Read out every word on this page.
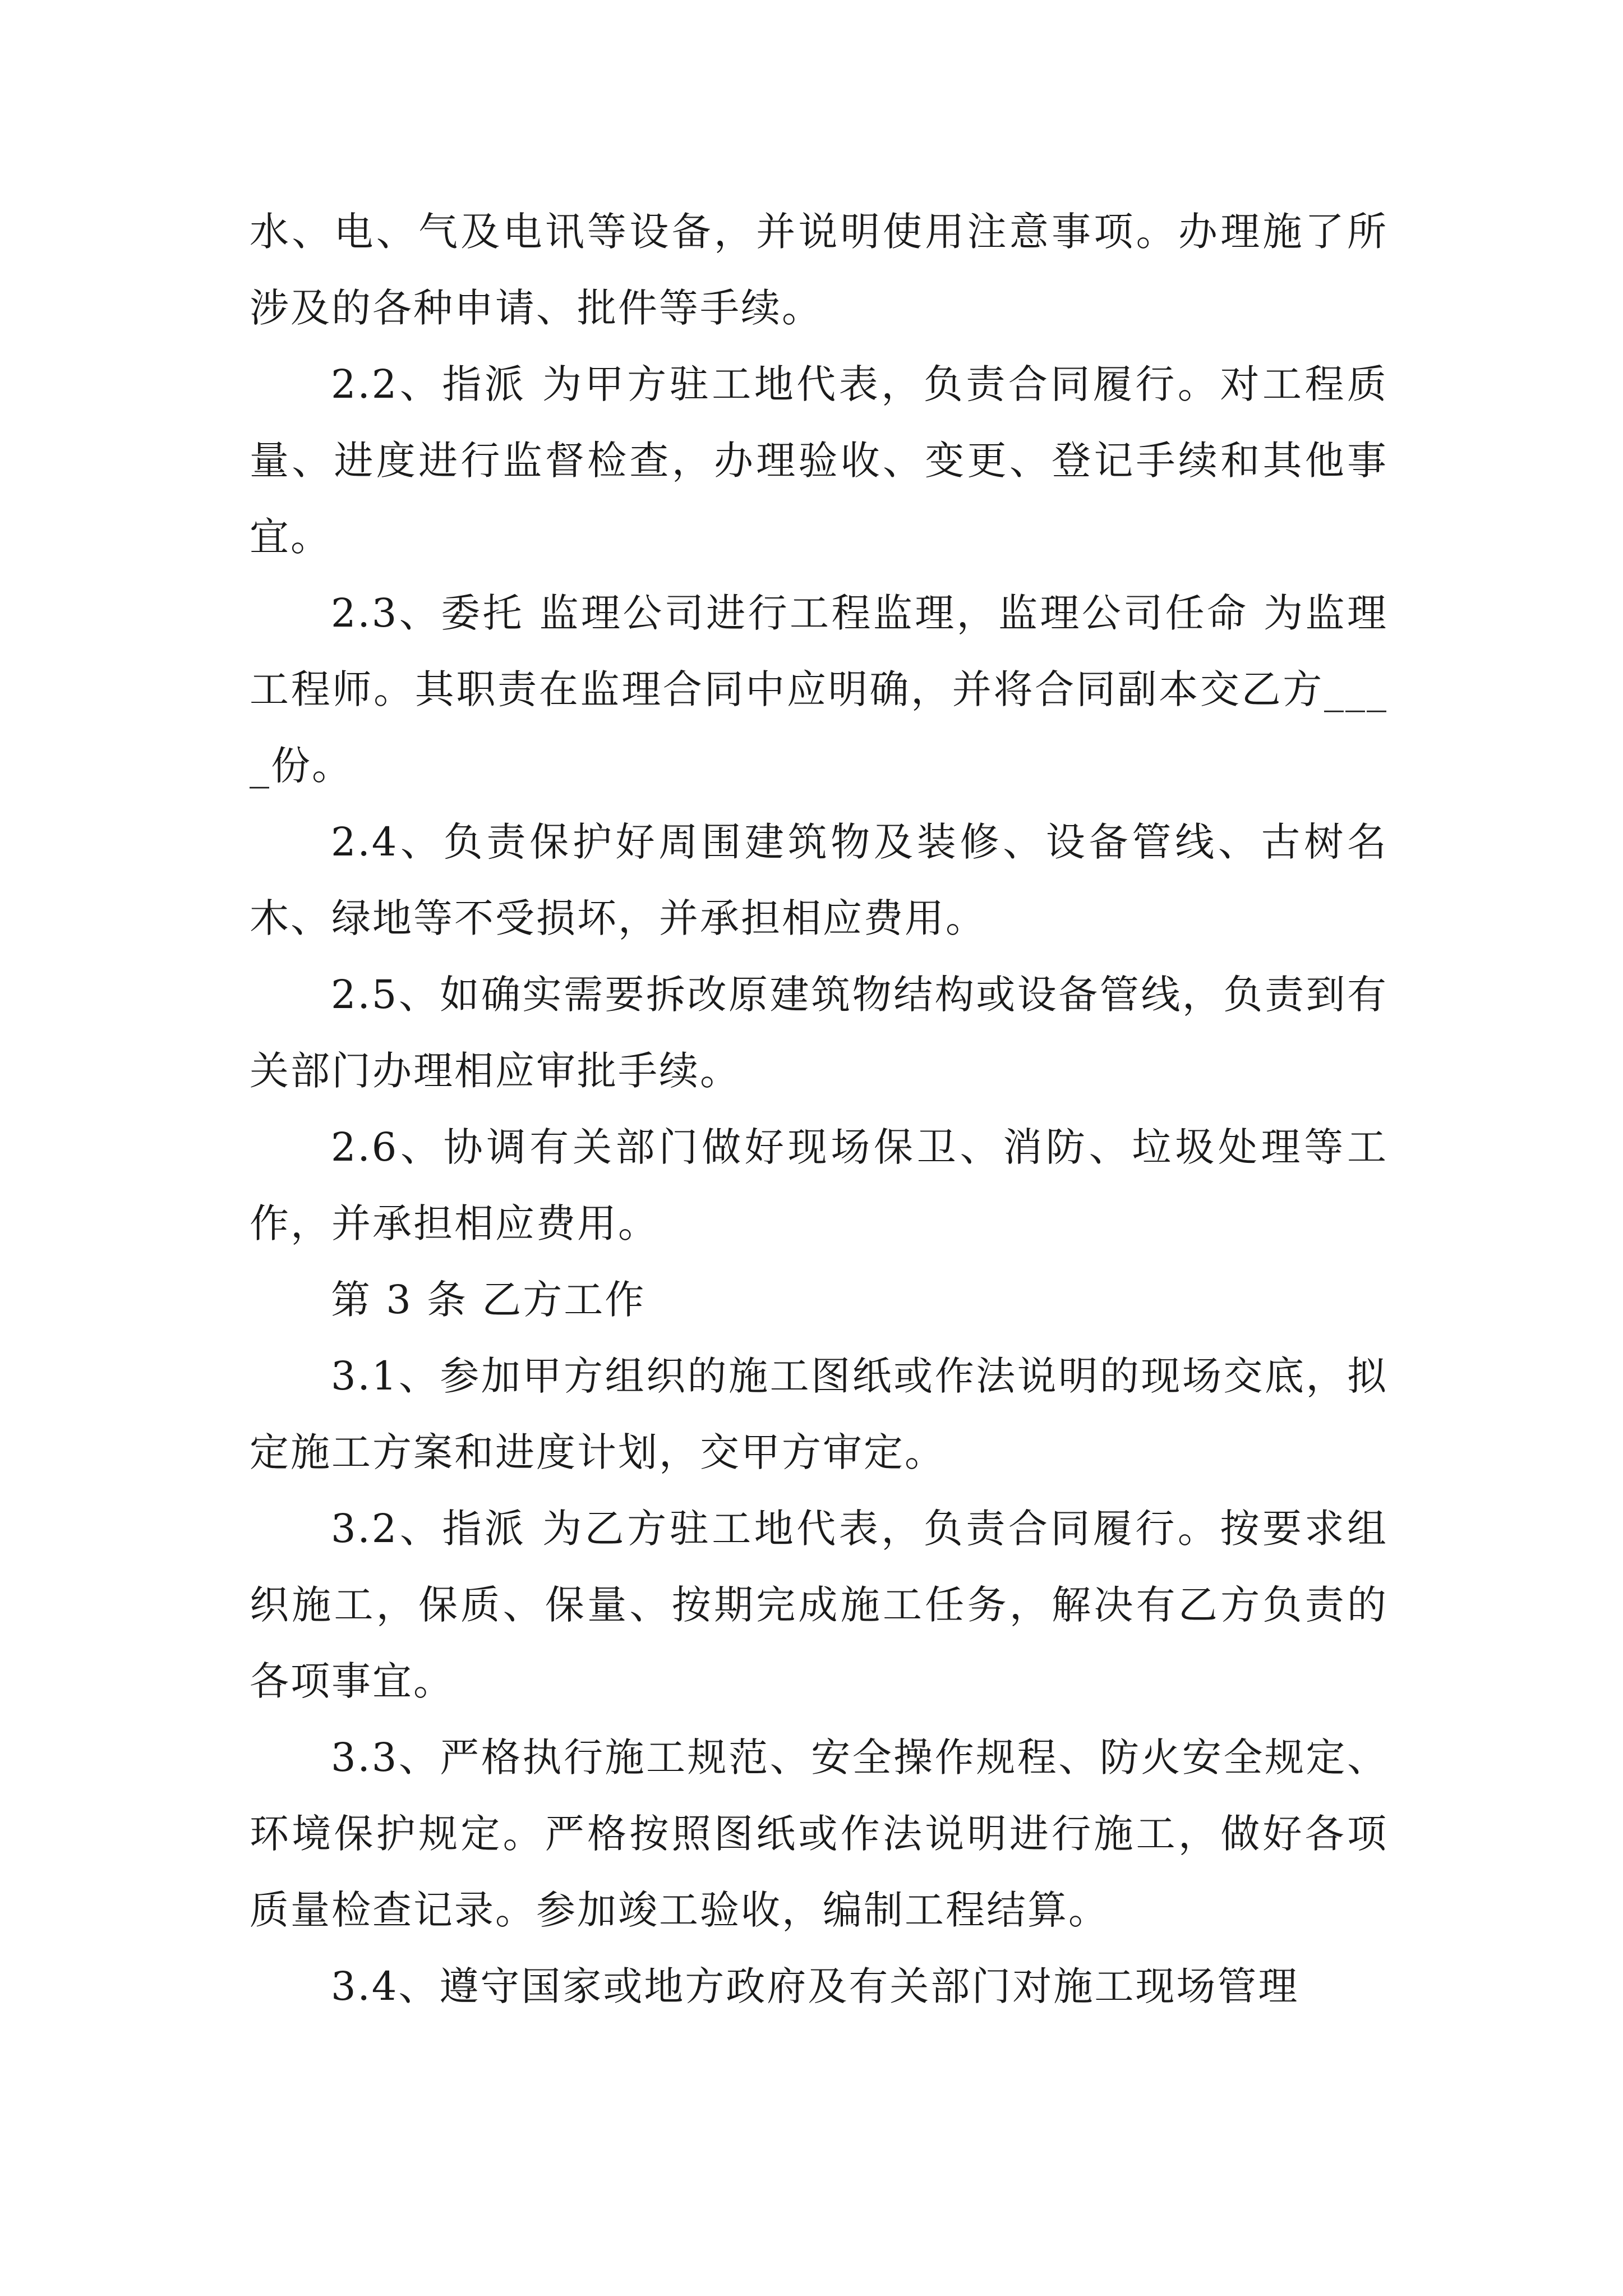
水、电、气及电讯等设备，并说明使用注意事项。办理施了所涉及的各种申请、批件等手续。

2.2、指派 为甲方驻工地代表，负责合同履行。对工程质量、进度进行监督检查，办理验收、变更、登记手续和其他事宜。

2.3、委托 监理公司进行工程监理，监理公司任命 为监理工程师。其职责在监理合同中应明确，并将合同副本交乙方____份。

2.4、负责保护好周围建筑物及装修、设备管线、古树名木、绿地等不受损坏，并承担相应费用。

2.5、如确实需要拆改原建筑物结构或设备管线，负责到有关部门办理相应审批手续。

2.6、协调有关部门做好现场保卫、消防、垃圾处理等工作，并承担相应费用。

第 3 条 乙方工作

3.1、参加甲方组织的施工图纸或作法说明的现场交底，拟定施工方案和进度计划，交甲方审定。

3.2、指派 为乙方驻工地代表，负责合同履行。按要求组织施工，保质、保量、按期完成施工任务，解决有乙方负责的各项事宜。

3.3、严格执行施工规范、安全操作规程、防火安全规定、环境保护规定。严格按照图纸或作法说明进行施工，做好各项质量检查记录。参加竣工验收，编制工程结算。

3.4、遵守国家或地方政府及有关部门对施工现场管理
